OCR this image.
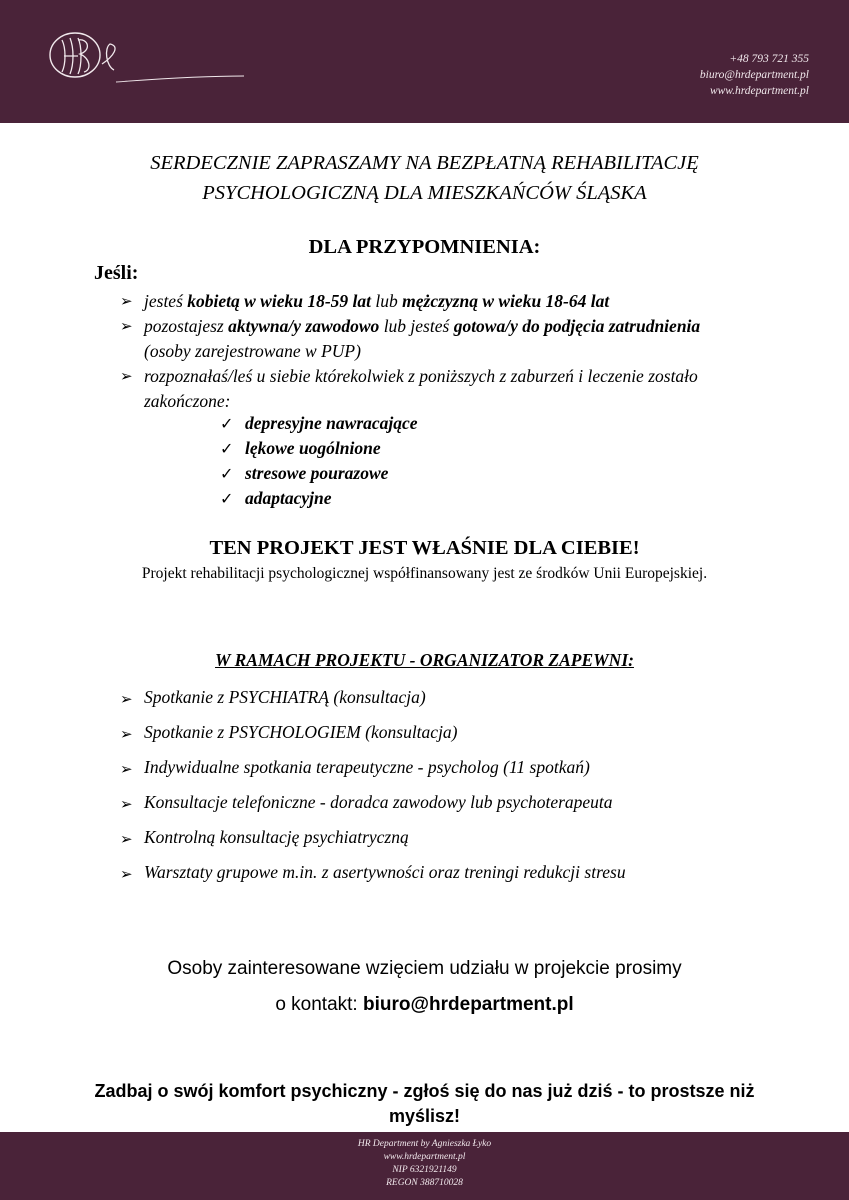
+48 793 721 355
biuro@hrdepartment.pl
www.hrdepartment.pl
SERDECZNIE ZAPRASZAMY NA BEZPŁATNĄ REHABILITACJĘ
PSYCHOLOGICZNĄ DLA MIESZKAŃCÓW ŚLĄSKA
DLA PRZYPOMNIENIA:
Jeśli:
➢ jesteś kobietą w wieku 18-59 lat lub mężczyzną w wieku 18-64 lat
➢ pozostajesz aktywna/y zawodowo lub jesteś gotowa/y do podjęcia zatrudnienia (osoby zarejestrowane w PUP)
➢ rozpoznałaś/leś u siebie którekolwiek z poniższych z zaburzeń i leczenie zostało zakończone:
✓ depresyjne nawracające
✓ lękowe uogólnione
✓ stresowe pourazowe
✓ adaptacyjne
TEN PROJEKT JEST WŁAŚNIE DLA CIEBIE!
Projekt rehabilitacji psychologicznej współfinansowany jest ze środków Unii Europejskiej.
W RAMACH PROJEKTU - ORGANIZATOR ZAPEWNI:
➢ Spotkanie z PSYCHIATRĄ (konsultacja)
➢ Spotkanie z PSYCHOLOGIEM (konsultacja)
➢ Indywidualne spotkania terapeutyczne - psycholog (11 spotkań)
➢ Konsultacje telefoniczne - doradca zawodowy lub psychoterapeuta
➢ Kontrolną konsultację psychiatryczną
➢ Warsztaty grupowe m.in. z asertywności oraz treningi redukcji stresu

Osoby zainteresowane wzięciem udziału w projekcie prosimy

o kontakt: biuro@hrdepartment.pl

Zadbaj o swój komfort psychiczny - zgłoś się do nas już dziś - to prostsze niż myślisz!
HR Department by Agnieszka Łyko
www.hrdepartment.pl
NIP 6321921149
REGON 388710028
